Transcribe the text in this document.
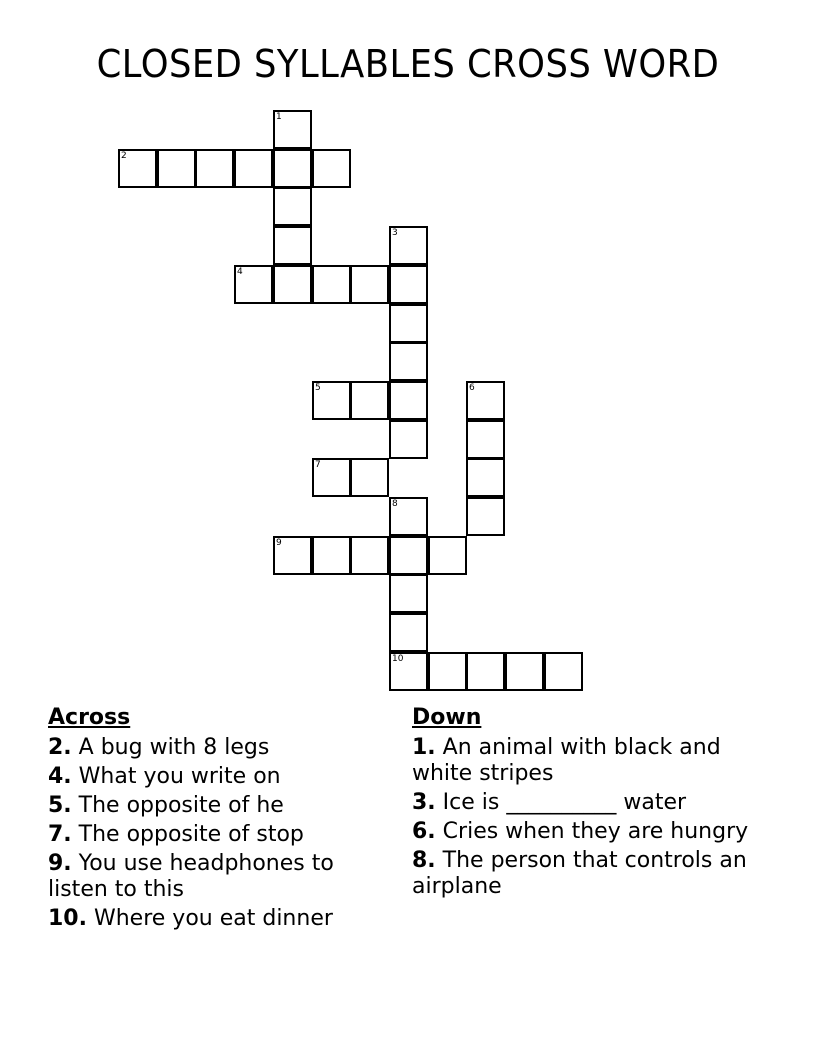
CLOSED SYLLABLES CROSS WORD
1
2
3
4
5	6
7
8
9
10
Across
2. A bug with 8 legs
4. What you write on
5. The opposite of he
7. The opposite of stop
9. You use headphones to listen to this
10. Where you eat dinner
Down
1. An animal with black and white stripes
3. Ice is __________ water
6. Cries when they are hungry
8. The person that controls an airplane
